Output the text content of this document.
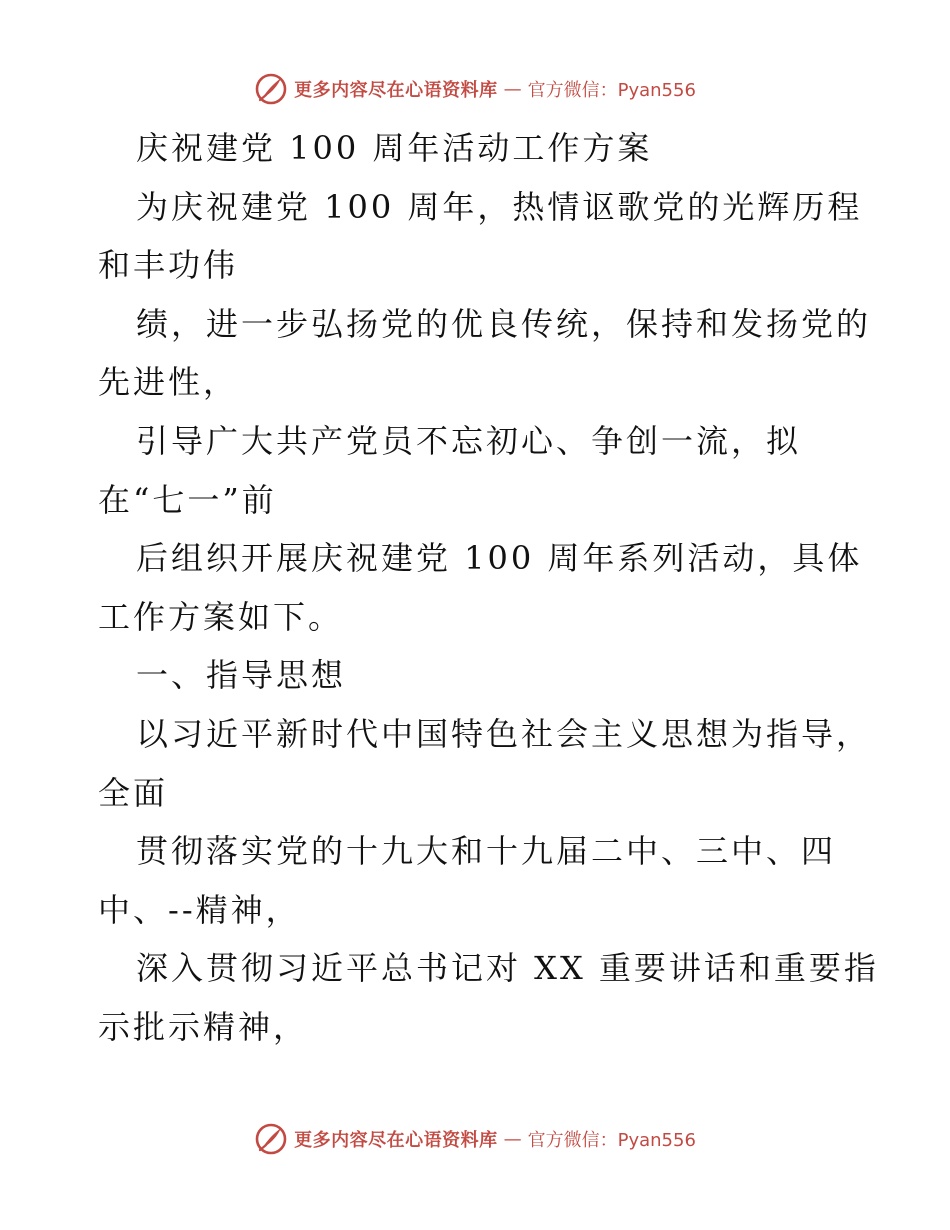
更多内容尽在心语资料库 — 官方微信：Pyan556
庆祝建党 100 周年活动工作方案
为庆祝建党 100 周年，热情讴歌党的光辉历程
和丰功伟
绩，进一步弘扬党的优良传统，保持和发扬党的
先进性，
引导广大共产党员不忘初心、争创一流，拟
在“七一”前
后组织开展庆祝建党 100 周年系列活动，具体
工作方案如下。
一、指导思想
以习近平新时代中国特色社会主义思想为指导，
全面
贯彻落实党的十九大和十九届二中、三中、四
中、--精神，
深入贯彻习近平总书记对 XX 重要讲话和重要指
示批示精神，
更多内容尽在心语资料库 — 官方微信：Pyan556
